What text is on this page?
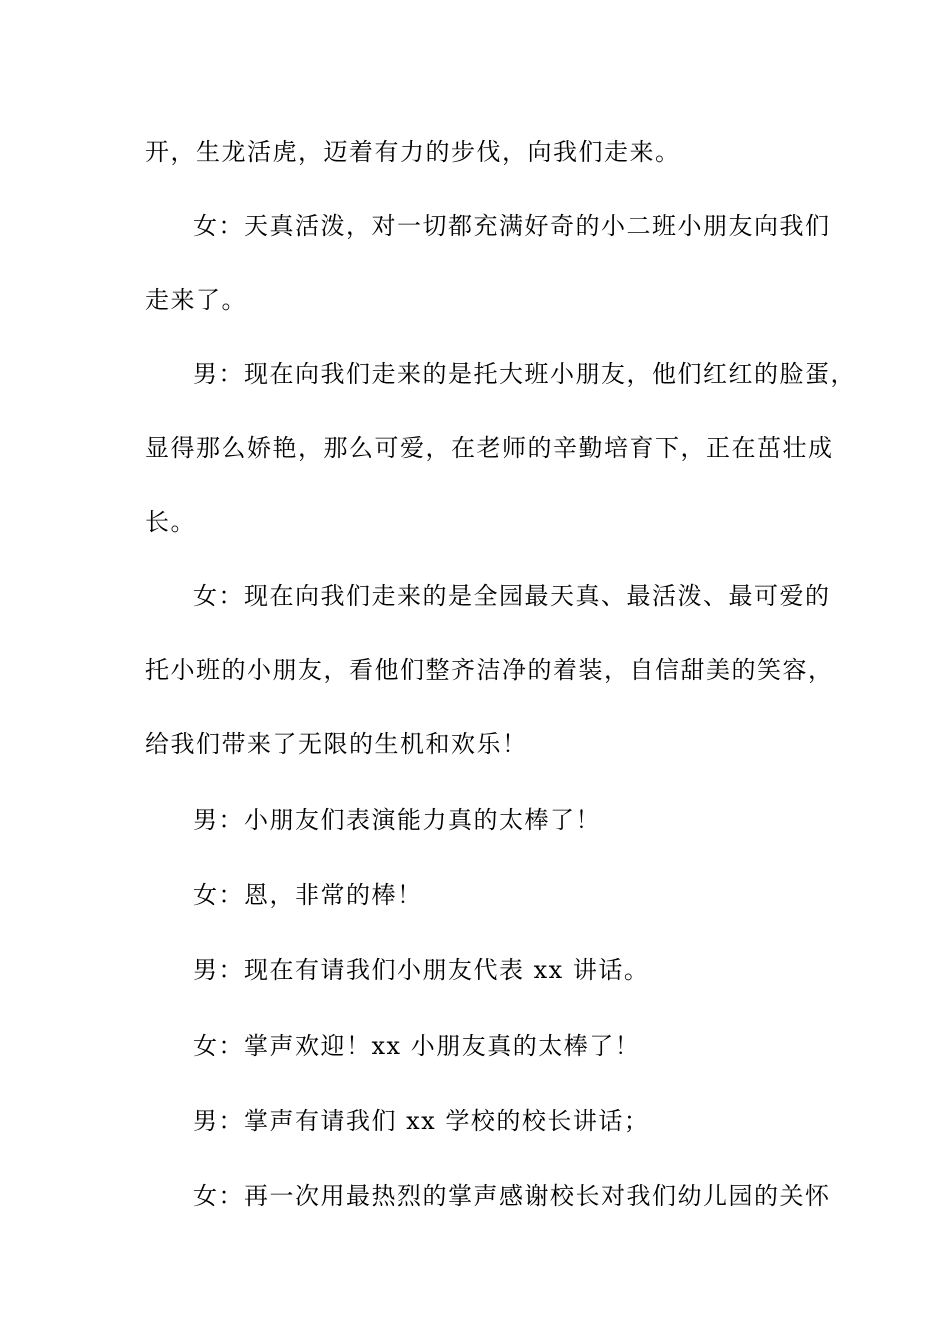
开，生龙活虎，迈着有力的步伐，向我们走来。

女：天真活泼，对一切都充满好奇的小二班小朋友向我们

走来了。

男：现在向我们走来的是托大班小朋友，他们红红的脸蛋，

显得那么娇艳，那么可爱，在老师的辛勤培育下，正在茁壮成

长。

女：现在向我们走来的是全园最天真、最活泼、最可爱的

托小班的小朋友，看他们整齐洁净的着装，自信甜美的笑容，

给我们带来了无限的生机和欢乐！

男：小朋友们表演能力真的太棒了！

女：恩，非常的棒！

男：现在有请我们小朋友代表 xx 讲话。

女：掌声欢迎！xx 小朋友真的太棒了！

男：掌声有请我们 xx 学校的校长讲话；

女：再一次用最热烈的掌声感谢校长对我们幼儿园的关怀
